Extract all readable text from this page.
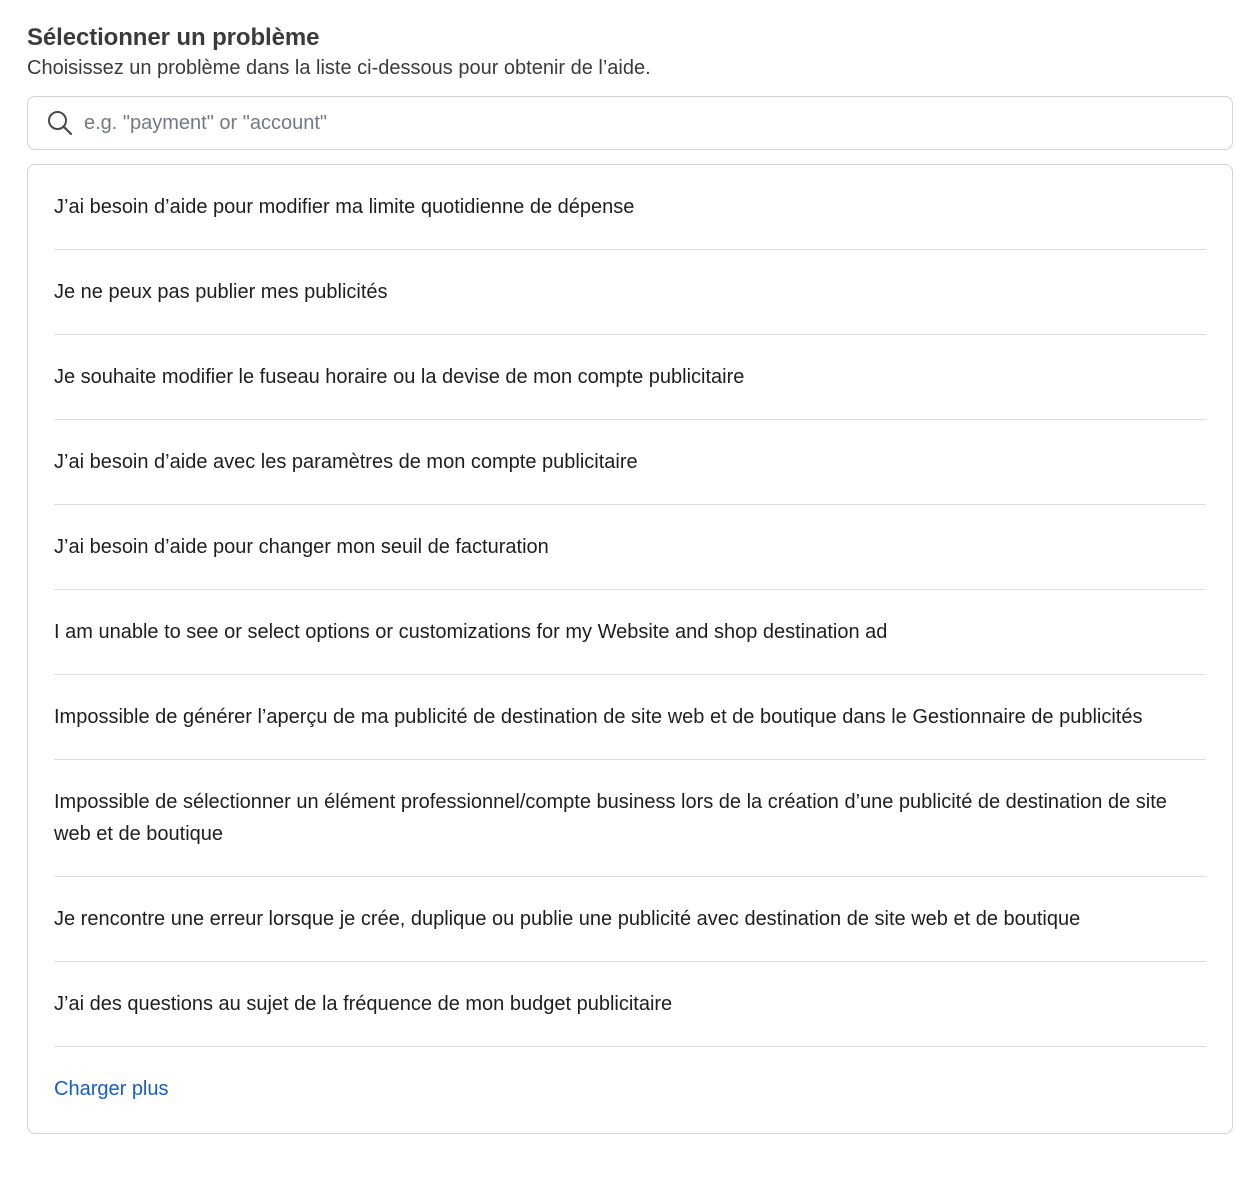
Sélectionner un problème

Choisissez un problème dans la liste ci-dessous pour obtenir de l’aide.

e.g. "payment" or "account"
J’ai besoin d’aide pour modifier ma limite quotidienne de dépense
Je ne peux pas publier mes publicités
Je souhaite modifier le fuseau horaire ou la devise de mon compte publicitaire
J’ai besoin d’aide avec les paramètres de mon compte publicitaire
J’ai besoin d’aide pour changer mon seuil de facturation
I am unable to see or select options or customizations for my Website and shop destination ad
Impossible de générer l’aperçu de ma publicité de destination de site web et de boutique dans le Gestionnaire de publicités
Impossible de sélectionner un élément professionnel/compte business lors de la création d’une publicité de destination de site web et de boutique
Je rencontre une erreur lorsque je crée, duplique ou publie une publicité avec destination de site web et de boutique
J’ai des questions au sujet de la fréquence de mon budget publicitaire
Charger plus
